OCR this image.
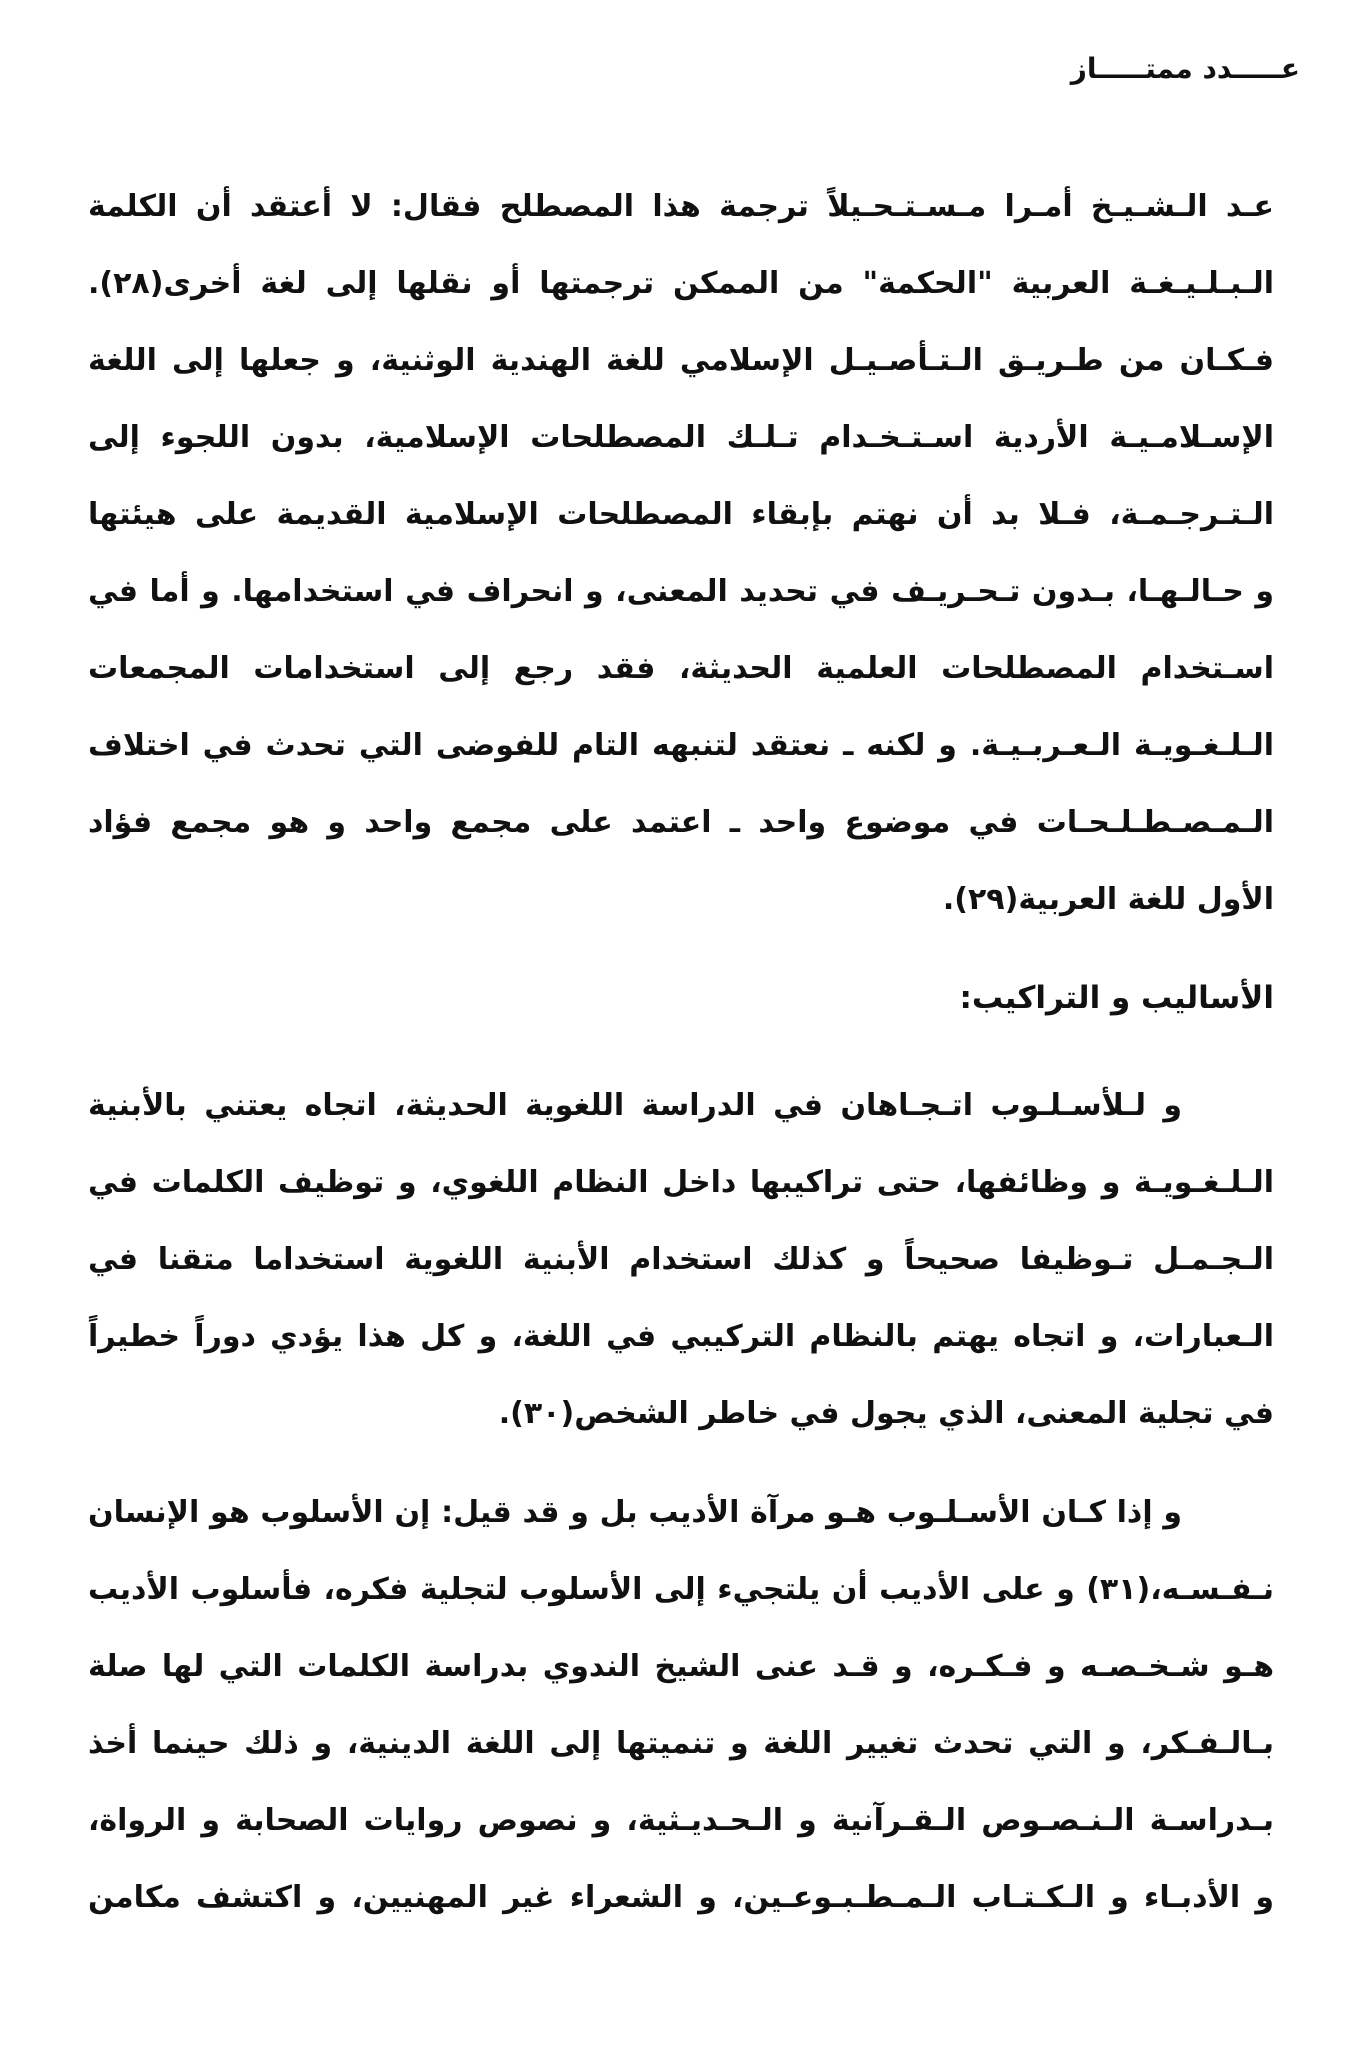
عـــــدد ممتـــــاز
عـد الـشـيـخ أمـرا مـسـتـحـيلاً ترجمة هذا المصطلح فقال: لا أعتقد أن الكلمة
الـبـلـيـغـة العربية "الحكمة" من الممكن ترجمتها أو نقلها إلى لغة أخرى(٢٨).
فـكـان من طـريـق الـتـأصـيـل الإسلامي للغة الهندية الوثنية، و جعلها إلى اللغة
الإسـلامـيـة الأردية اسـتـخـدام تـلـك المصطلحات الإسلامية، بدون اللجوء إلى
الـتـرجـمـة، فـلا بد أن نهتم بإبقاء المصطلحات الإسلامية القديمة على هيئتها
و حـالـهـا، بـدون تـحـريـف في تحديد المعنى، و انحراف في استخدامها. و أما في
اسـتخدام المصطلحات العلمية الحديثة، فقد رجع إلى استخدامات المجمعات
الـلـغـويـة الـعـربـيـة. و لكنه ـ نعتقد لتنبهه التام للفوضى التي تحدث في اختلاف
الـمـصـطـلـحـات في موضوع واحد ـ اعتمد على مجمع واحد و هو مجمع فؤاد
الأول للغة العربية(٢٩).
الأساليب و التراكيب:
و لـلأسـلـوب اتـجـاهان في الدراسة اللغوية الحديثة، اتجاه يعتني بالأبنية
الـلـغـويـة و وظائفها، حتى تراكيبها داخل النظام اللغوي، و توظيف الكلمات في
الـجـمـل تـوظيفا صحيحاً و كذلك استخدام الأبنية اللغوية استخداما متقنا في
الـعبارات، و اتجاه يهتم بالنظام التركيبي في اللغة، و كل هذا يؤدي دوراً خطيراً
في تجلية المعنى، الذي يجول في خاطر الشخص(٣٠).
و إذا كـان الأسـلـوب هـو مرآة الأديب بل و قد قيل: إن الأسلوب هو الإنسان
نـفـسـه،(٣١) و على الأديب أن يلتجيء إلى الأسلوب لتجلية فكره، فأسلوب الأديب
هـو شـخـصـه و فـكـره، و قـد عنى الشيخ الندوي بدراسة الكلمات التي لها صلة
بـالـفـكر، و التي تحدث تغيير اللغة و تنميتها إلى اللغة الدينية، و ذلك حينما أخذ
بـدراسـة الـنـصـوص الـقـرآنية و الـحـديـثية، و نصوص روايات الصحابة و الرواة،
و الأدبـاء و الـكـتـاب الـمـطـبـوعـين، و الشعراء غير المهنيين، و اكتشف مكامن
